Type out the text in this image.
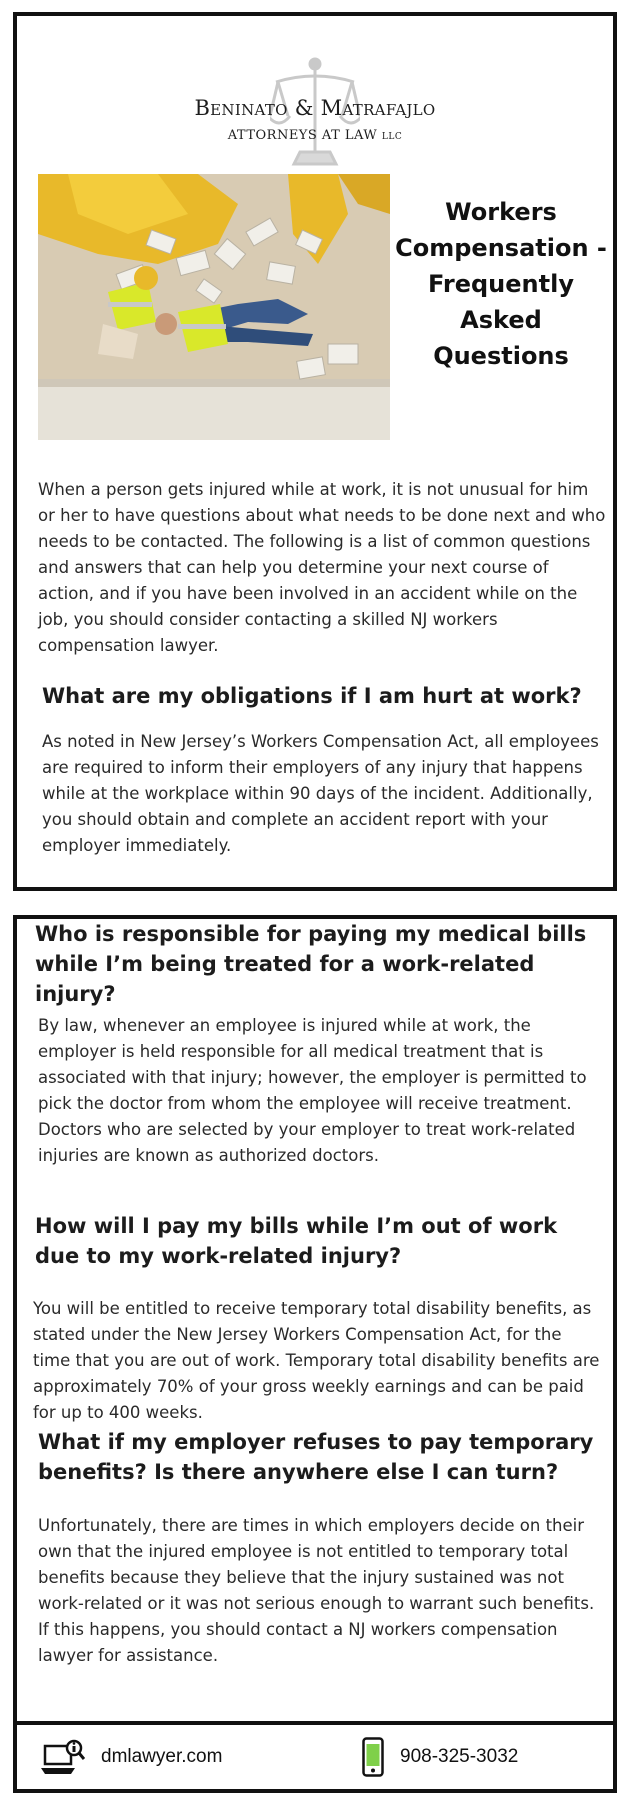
Beninato & Matrafajlo
ATTORNEYS AT LAW LLC
Workers
Compensation -
Frequently
Asked
Questions

When a person gets injured while at work, it is not unusual for him or her to have questions about what needs to be done next and who needs to be contacted. The following is a list of common questions and answers that can help you determine your next course of action, and if you have been involved in an accident while on the job, you should consider contacting a skilled NJ workers compensation lawyer.

What are my obligations if I am hurt at work?

As noted in New Jersey’s Workers Compensation Act, all employees are required to inform their employers of any injury that happens while at the workplace within 90 days of the incident. Additionally, you should obtain and complete an accident report with your employer immediately.

Who is responsible for paying my medical bills while I’m being treated for a work-related injury?

By law, whenever an employee is injured while at work, the employer is held responsible for all medical treatment that is associated with that injury; however, the employer is permitted to pick the doctor from whom the employee will receive treatment. Doctors who are selected by your employer to treat work-related injuries are known as authorized doctors.

How will I pay my bills while I’m out of work due to my work-related injury?

You will be entitled to receive temporary total disability benefits, as stated under the New Jersey Workers Compensation Act, for the time that you are out of work. Temporary total disability benefits are approximately 70% of your gross weekly earnings and can be paid for up to 400 weeks.

What if my employer refuses to pay temporary benefits? Is there anywhere else I can turn?

Unfortunately, there are times in which employers decide on their own that the injured employee is not entitled to temporary total benefits because they believe that the injury sustained was not work-related or it was not serious enough to warrant such benefits. If this happens, you should contact a NJ workers compensation lawyer for assistance.

dmlawyer.com	908-325-3032
